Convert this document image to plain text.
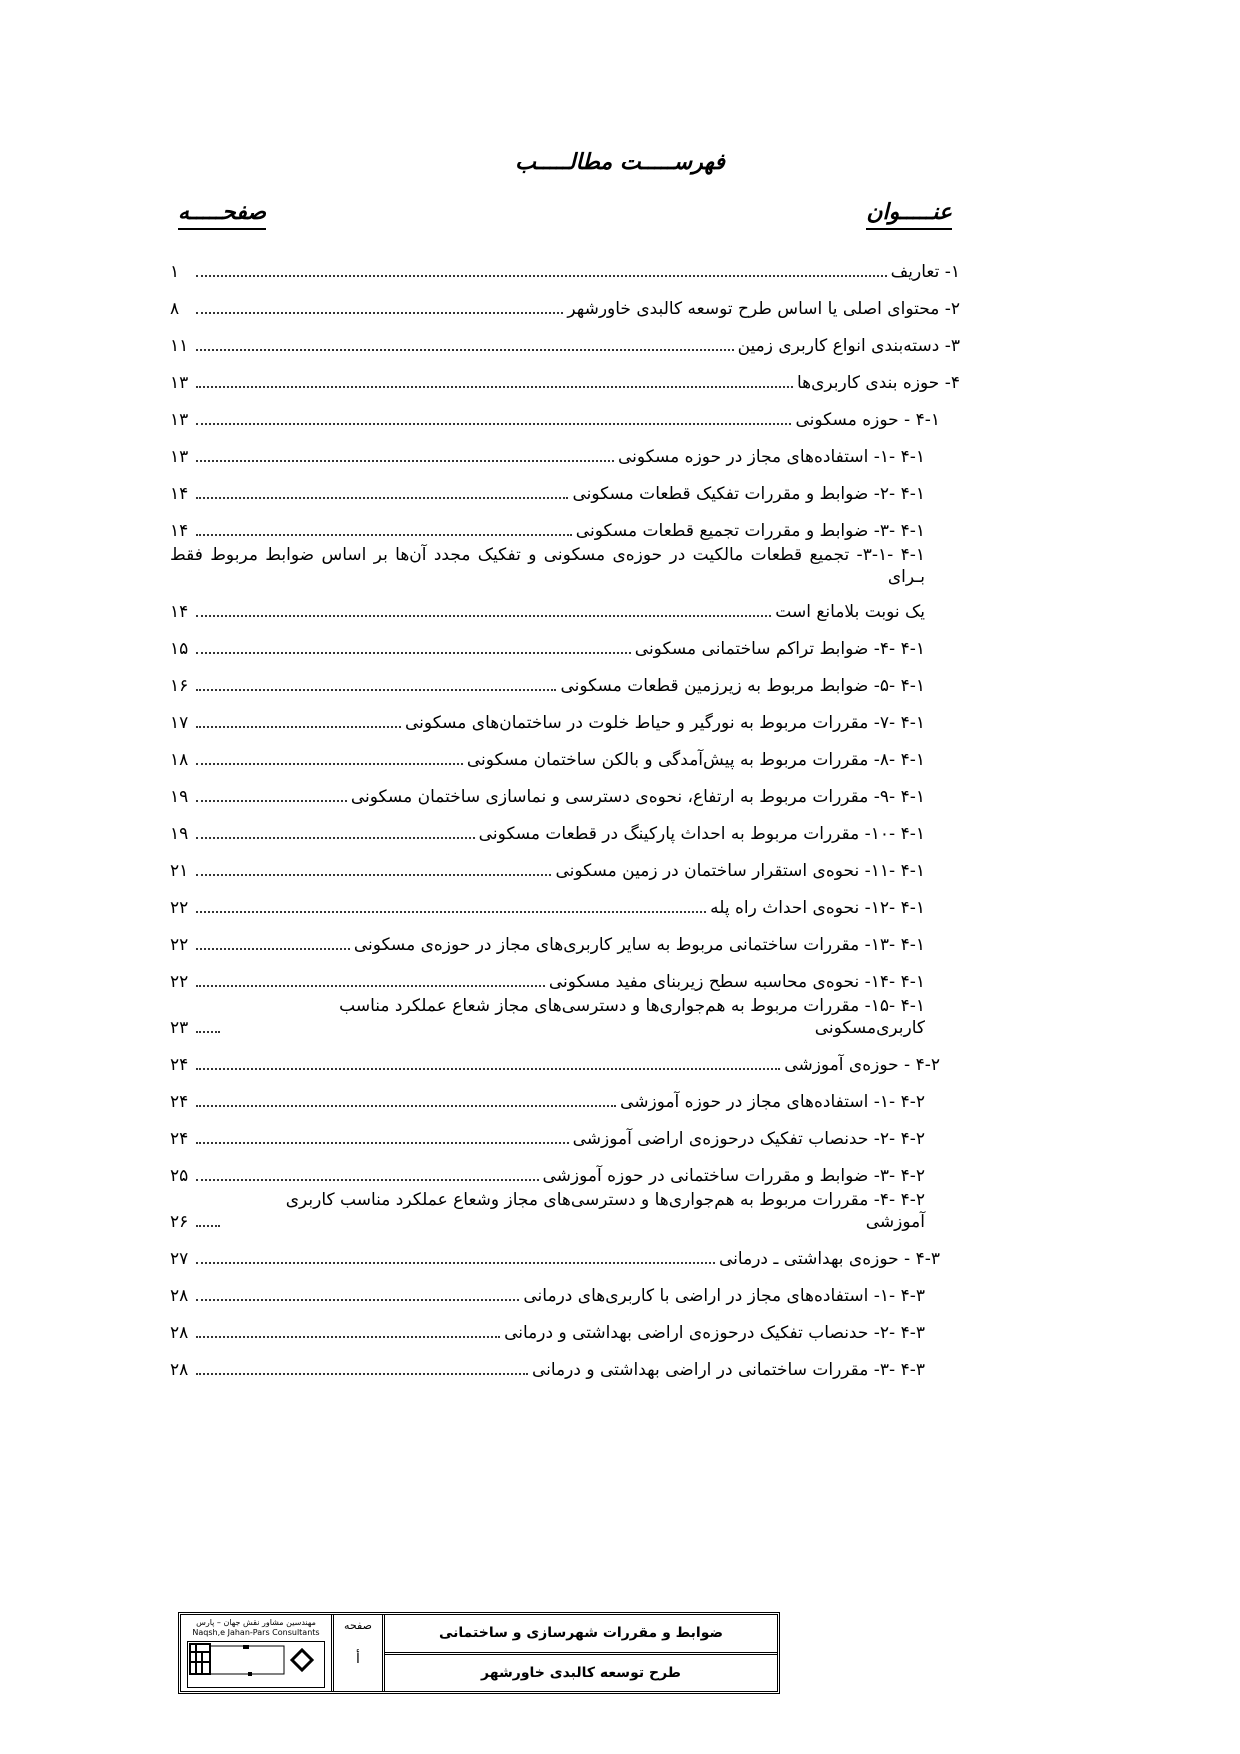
فهرســـــت مطالـــــب
عنـــــوان
صفحـــــه
۱- تعاریف
۱
۲- محتوای اصلی یا اساس طرح توسعه کالبدی خاورشهر
۸
۳- دسته‌بندی انواع کاربری زمین
۱۱
۴- حوزه بندی کاربری‌ها
۱۳
۴-۱ - حوزه مسکونی
۱۳
۴-۱ -۱- استفاده‌های مجاز در حوزه مسکونی
۱۳
۴-۱ -۲- ضوابط و مقررات تفکیک قطعات مسکونی
۱۴
۴-۱ -۳- ضوابط و مقررات تجمیع قطعات مسکونی
۱۴
۴-۱ -۳-۱- تجمیع قطعات مالکیت در حوزه‌ی مسکونی و تفکیک مجدد آن‌ها بر اساس ضوابط مربوط فقط بـرای
یک نوبت بلامانع است
۱۴
۴-۱ -۴- ضوابط تراکم ساختمانی مسکونی
۱۵
۴-۱ -۵- ضوابط مربوط به زیرزمین قطعات مسکونی
۱۶
۴-۱ -۷- مقررات مربوط به نورگیر و حیاط خلوت در ساختمان‌های مسکونی
۱۷
۴-۱ -۸- مقررات مربوط به پیش‌آمدگی و بالکن ساختمان مسکونی
۱۸
۴-۱ -۹- مقررات مربوط به ارتفاع، نحوه‌ی دسترسی و نماسازی ساختمان مسکونی
۱۹
۴-۱ -۱۰- مقررات مربوط به احداث پارکینگ در قطعات مسکونی
۱۹
۴-۱ -۱۱- نحوه‌ی استقرار ساختمان در زمین مسکونی
۲۱
۴-۱ -۱۲- نحوه‌ی احداث راه پله
۲۲
۴-۱ -۱۳- مقررات ساختمانی مربوط به سایر کاربری‌های مجاز در حوزه‌ی مسکونی
۲۲
۴-۱ -۱۴- نحوه‌ی محاسبه سطح زیربنای مفید مسکونی
۲۲
۴-۱ -۱۵- مقررات مربوط به هم‌جواری‌ها و دسترسی‌های مجاز شعاع عملکرد مناسب کاربری‌مسکونی
۲۳
۴-۲ - حوزه‌ی آموزشی
۲۴
۴-۲ -۱- استفاده‌های مجاز در حوزه آموزشی
۲۴
۴-۲ -۲- حدنصاب تفکیک درحوزه‌ی اراضی آموزشی
۲۴
۴-۲ -۳- ضوابط و مقررات ساختمانی در حوزه آموزشی
۲۵
۴-۲ -۴- مقررات مربوط به هم‌جواری‌ها و دسترسی‌های مجاز وشعاع عملکرد مناسب کاربری آموزشی
۲۶
۴-۳ - حوزه‌ی بهداشتی ـ درمانی
۲۷
۴-۳ -۱- استفاده‌های مجاز در اراضی با کاربری‌های درمانی
۲۸
۴-۳ -۲- حدنصاب تفکیک درحوزه‌ی اراضی بهداشتی و درمانی
۲۸
۴-۳ -۳- مقررات ساختمانی در اراضی بهداشتی و درمانی
۲۸
مهندسین مشاور نقش جهان – پارس
Naqsh,e Jahan-Pars Consultants
صفحه
أ
ضوابط و مقررات شهرسازی و ساختمانی
طرح توسعه کالبدی خاورشهر
